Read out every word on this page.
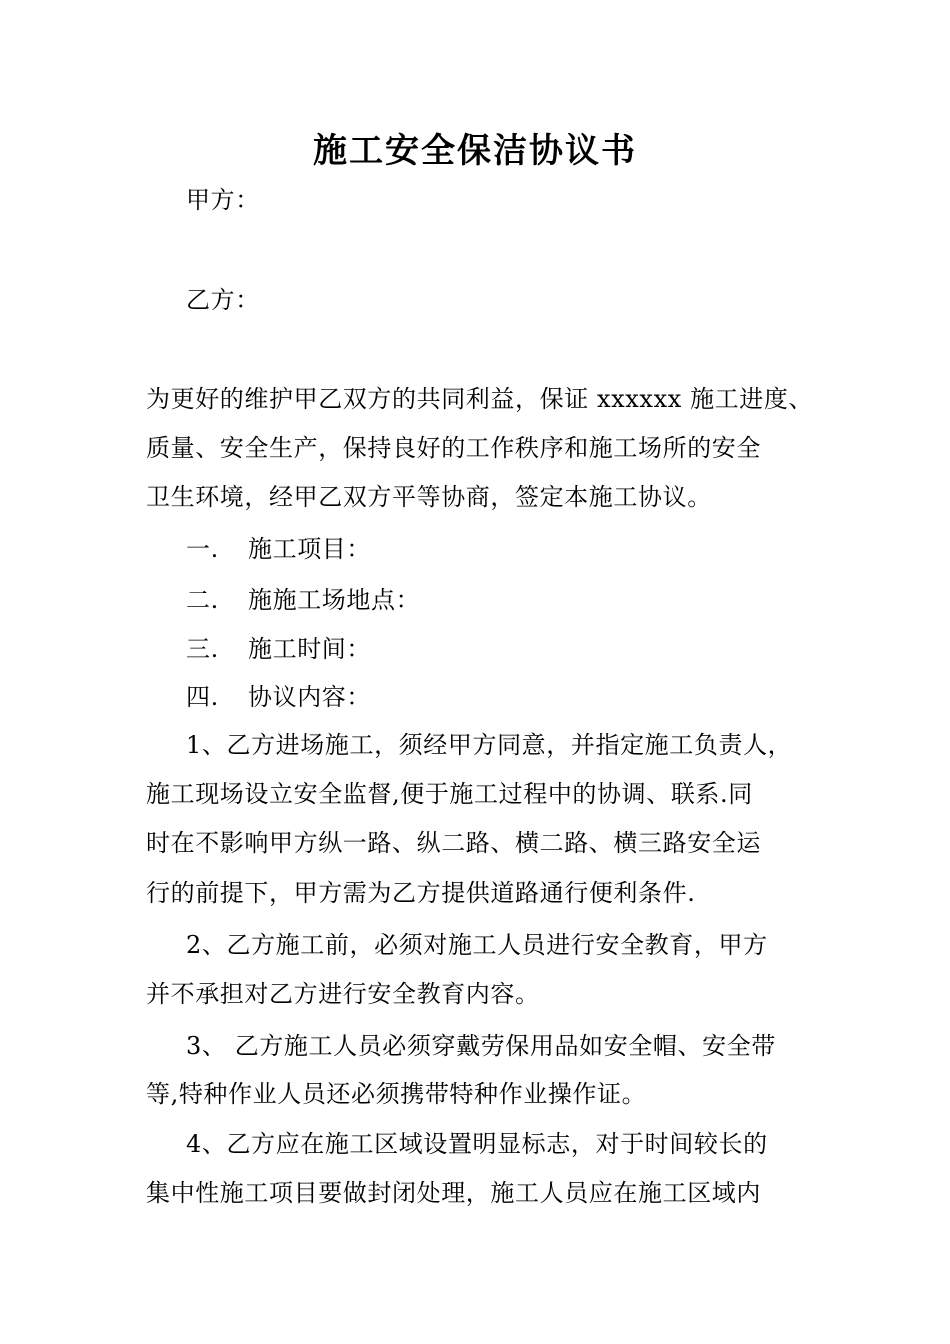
施工安全保洁协议书
甲方：
乙方：
为更好的维护甲乙双方的共同利益，保证 xxxxxx 施工进度、
质量、安全生产，保持良好的工作秩序和施工场所的安全
卫生环境，经甲乙双方平等协商，签定本施工协议。
一. 施工项目：
二. 施施工场地点：
三. 施工时间：
四. 协议内容：
1、乙方进场施工，须经甲方同意，并指定施工负责人，
施工现场设立安全监督,便于施工过程中的协调、联系.同
时在不影响甲方纵一路、纵二路、横二路、横三路安全运
行的前提下，甲方需为乙方提供道路通行便利条件.
2、乙方施工前，必须对施工人员进行安全教育，甲方
并不承担对乙方进行安全教育内容。
3、 乙方施工人员必须穿戴劳保用品如安全帽、安全带
等,特种作业人员还必须携带特种作业操作证。
4、乙方应在施工区域设置明显标志，对于时间较长的
集中性施工项目要做封闭处理，施工人员应在施工区域内
